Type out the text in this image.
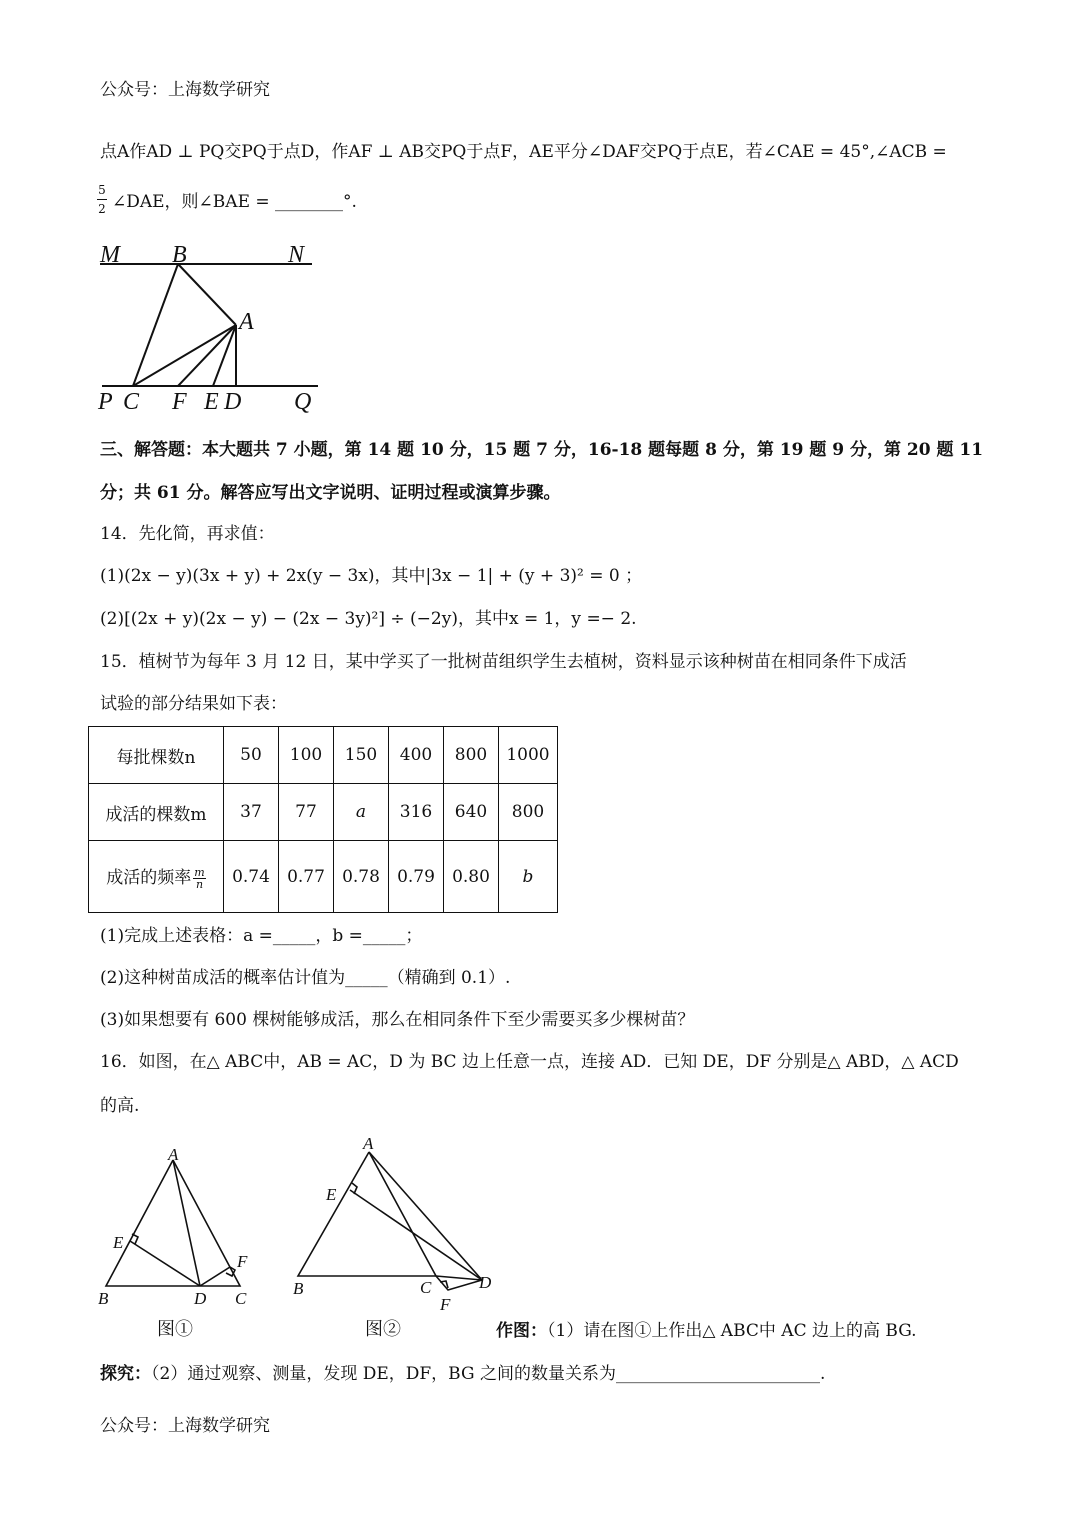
公众号：上海数学研究
点A作AD ⊥ PQ交PQ于点D，作AF ⊥ AB交PQ于点F，AE平分∠DAF交PQ于点E，若∠CAE = 45°,∠ACB =
5
2 ∠DAE，则∠BAE = ________°.
M B	N
A
P C F E D Q
三、解答题：本大题共 7 小题，第 14 题 10 分，15 题 7 分，16-18 题每题 8 分，第 19 题 9 分，第 20 题 11
分；共 61 分。解答应写出文字说明、证明过程或演算步骤。
14．先化简，再求值：
(1)(2x − y)(3x + y) + 2x(y − 3x)，其中|3x − 1| + (y + 3)² = 0 ；
(2)[(2x + y)(2x − y) − (2x − 3y)²] ÷ (−2y)，其中x = 1，y =− 2.
15．植树节为每年 3 月 12 日，某中学买了一批树苗组织学生去植树，资料显示该种树苗在相同条件下成活
试验的部分结果如下表：
每批棵数n	50	100	150	400	800	1000
成活的棵数m	37	77	a	316	640	800
成活的频率 $\frac{m}{n}$	0.74	0.77	0.78	0.79	0.80	b
(1)完成上述表格：a =_____，b =_____；
(2)这种树苗成活的概率估计值为_____（精确到 0.1）.
(3)如果想要有 600 棵树能够成活，那么在相同条件下至少需要买多少棵树苗？
16．如图，在△ ABC中，AB = AC，D 为 BC 边上任意一点，连接 AD．已知 DE，DF 分别是△ ABD，△ ACD
的高.
A
E
F
B	D C
图①
A
E
B	C
F
D
图②	作图：（1）请在图①上作出△ ABC中 AC 边上的高 BG.
探究：（2）通过观察、测量，发现 DE，DF，BG 之间的数量关系为________________________.
公众号：上海数学研究
